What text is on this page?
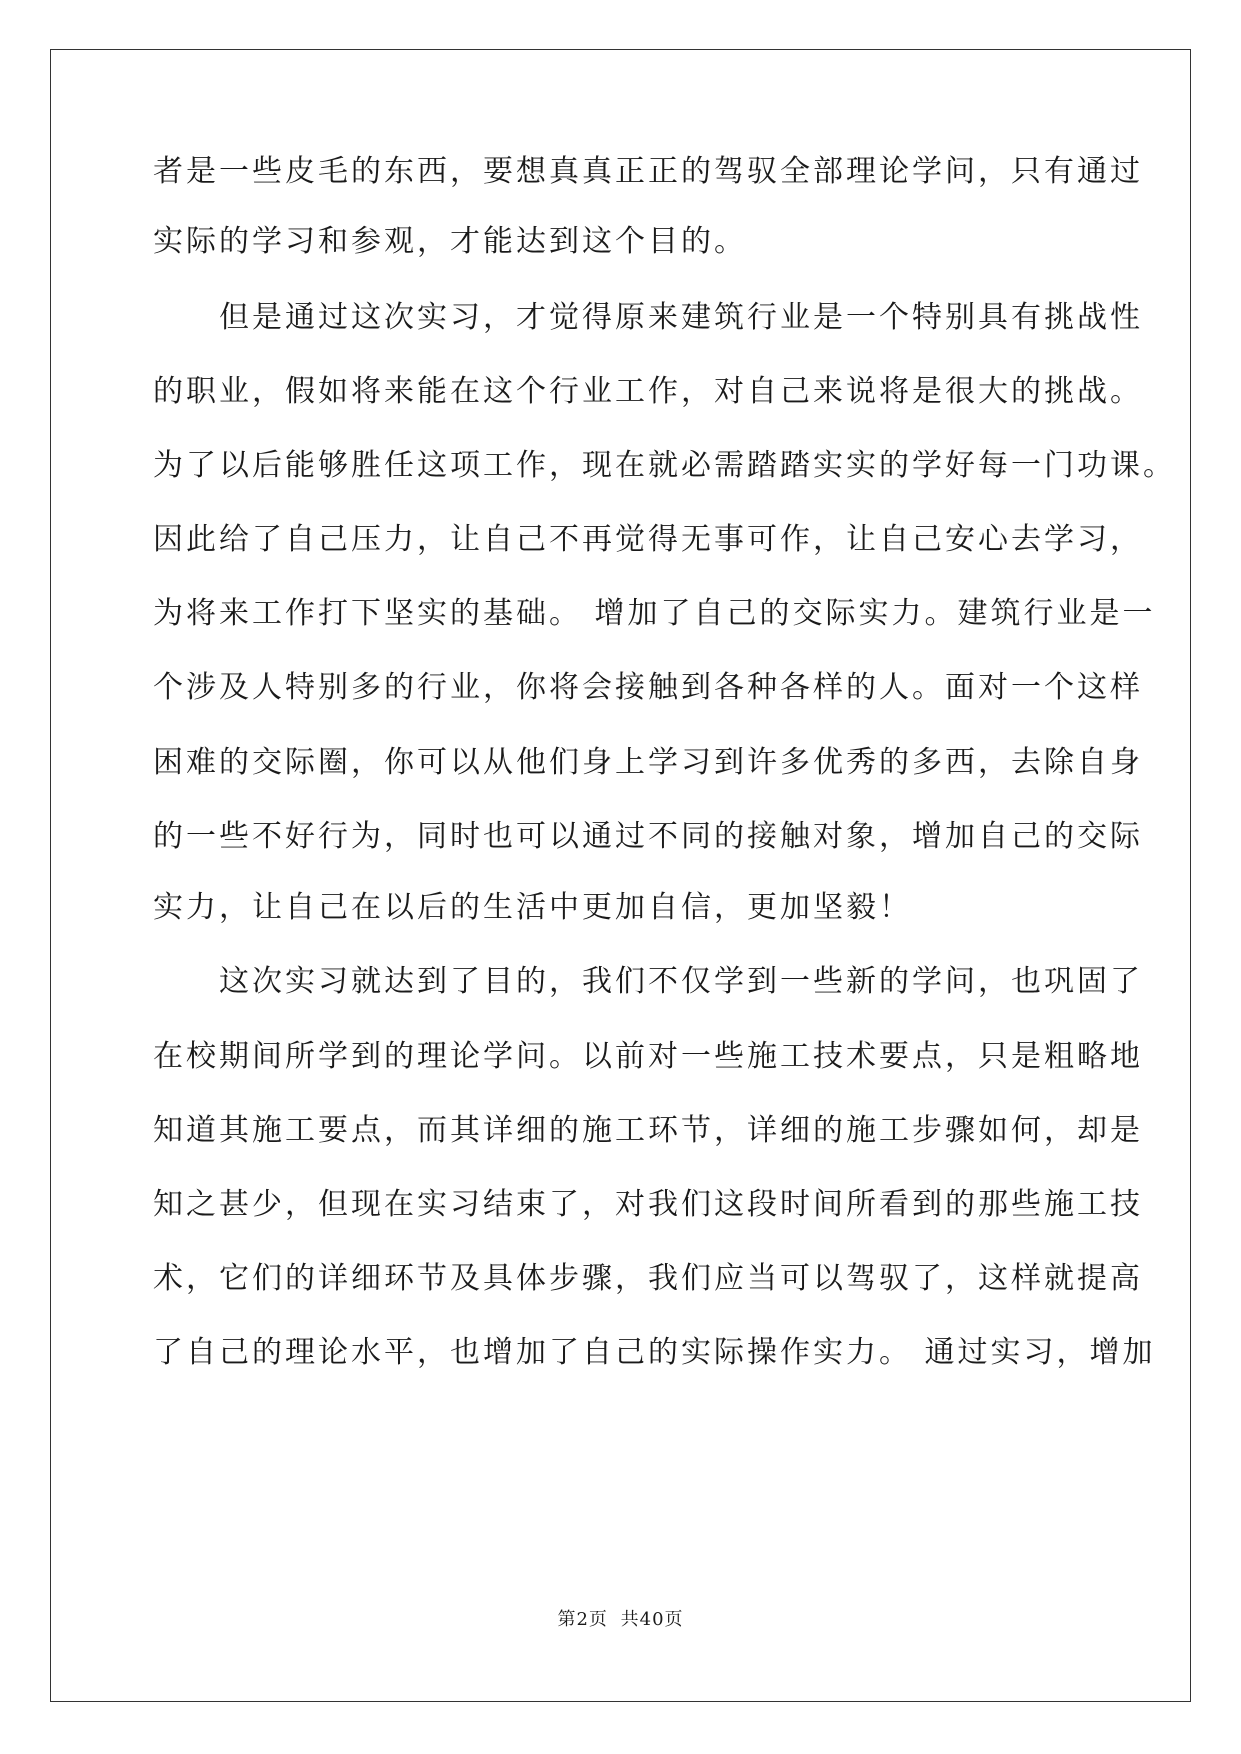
者是一些皮毛的东西，要想真真正正的驾驭全部理论学问，只有通过
实际的学习和参观，才能达到这个目的。
　　但是通过这次实习，才觉得原来建筑行业是一个特别具有挑战性
的职业，假如将来能在这个行业工作，对自己来说将是很大的挑战。
为了以后能够胜任这项工作，现在就必需踏踏实实的学好每一门功课。
因此给了自己压力，让自己不再觉得无事可作，让自己安心去学习，
为将来工作打下坚实的基础。 增加了自己的交际实力。建筑行业是一
个涉及人特别多的行业，你将会接触到各种各样的人。面对一个这样
困难的交际圈，你可以从他们身上学习到许多优秀的多西，去除自身
的一些不好行为，同时也可以通过不同的接触对象，增加自己的交际
实力，让自己在以后的生活中更加自信，更加坚毅！
　　这次实习就达到了目的，我们不仅学到一些新的学问，也巩固了
在校期间所学到的理论学问。以前对一些施工技术要点，只是粗略地
知道其施工要点，而其详细的施工环节，详细的施工步骤如何，却是
知之甚少，但现在实习结束了，对我们这段时间所看到的那些施工技
术，它们的详细环节及具体步骤，我们应当可以驾驭了，这样就提高
了自己的理论水平，也增加了自己的实际操作实力。 通过实习，增加
第2页 共40页
